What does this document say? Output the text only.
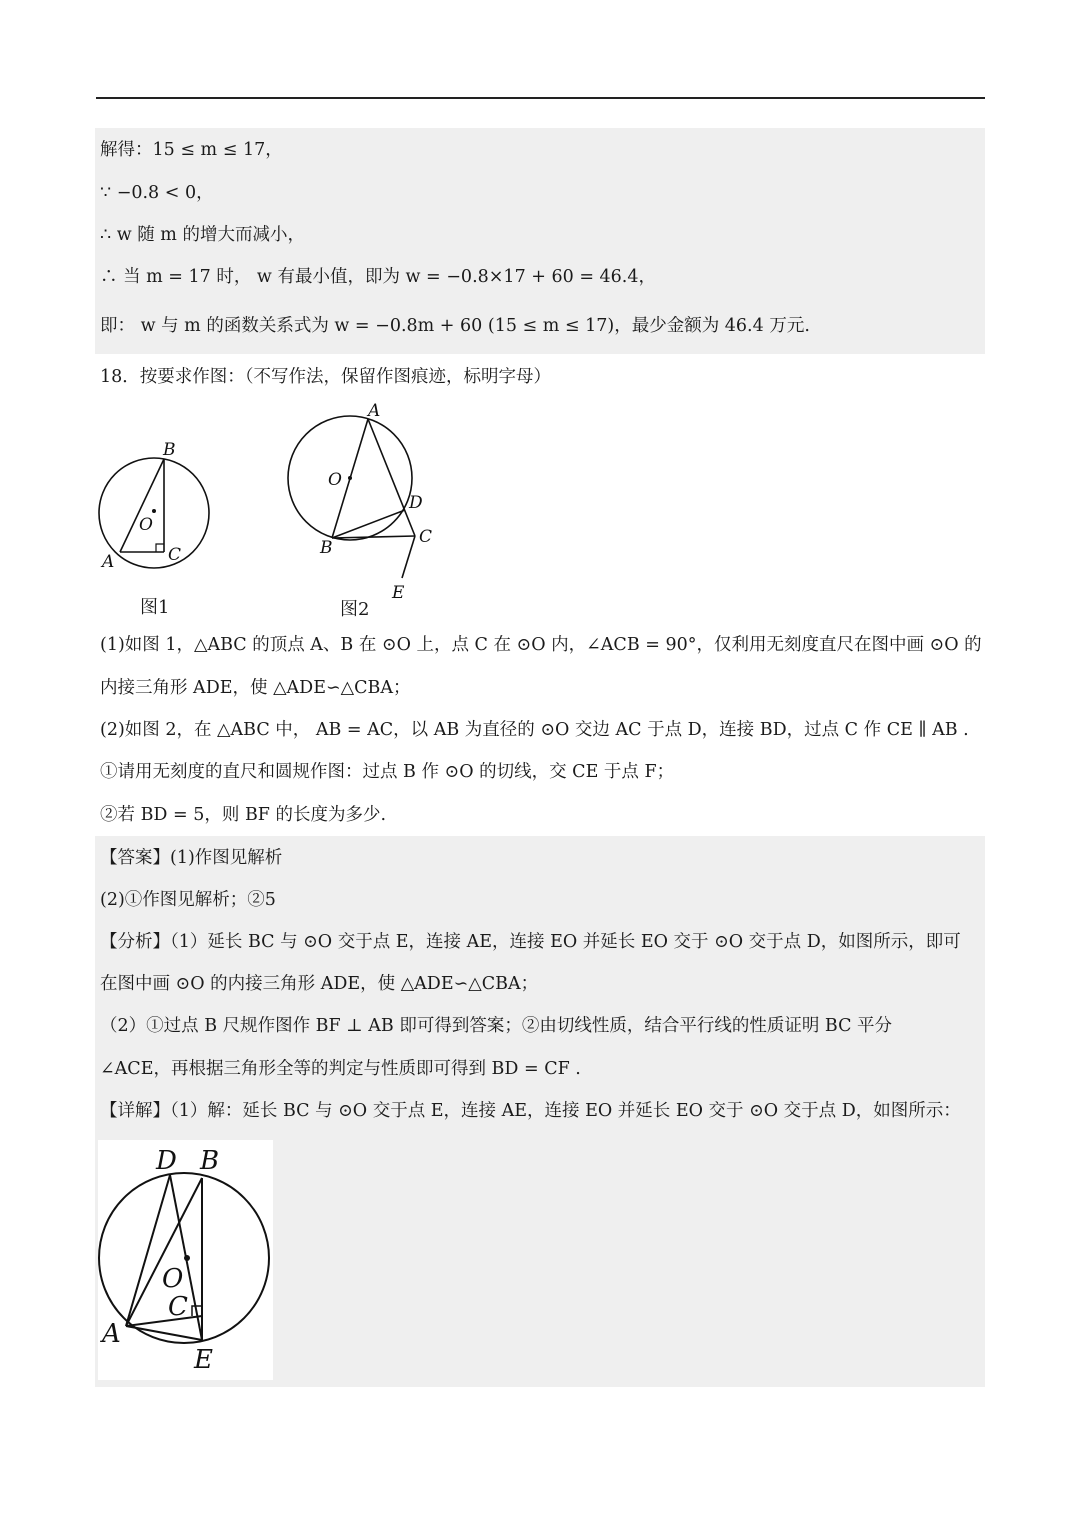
解得：15 ≤ m ≤ 17，
∵ −0.8 < 0，
∴ w 随 m 的增大而减小，
∴ 当 m = 17 时， w 有最小值，即为 w = −0.8×17 + 60 = 46.4，
即： w 与 m 的函数关系式为 w = −0.8m + 60 (15 ≤ m ≤ 17)，最少金额为 46.4 万元.
18．按要求作图：（不写作法，保留作图痕迹，标明字母）
B
O
C
A
图1
A
O
D
C
B
E
图2
(1)如图 1，△ABC 的顶点 A、B 在 ⊙O 上，点 C 在 ⊙O 内，∠ACB = 90°，仅利用无刻度直尺在图中画 ⊙O 的
内接三角形 ADE，使 △ADE∽△CBA；
(2)如图 2，在 △ABC 中， AB = AC，以 AB 为直径的 ⊙O 交边 AC 于点 D，连接 BD，过点 C 作 CE ∥ AB .
①请用无刻度的直尺和圆规作图：过点 B 作 ⊙O 的切线，交 CE 于点 F；
②若 BD = 5，则 BF 的长度为多少.
【答案】(1)作图见解析
(2)①作图见解析；②5
【分析】（1）延长 BC 与 ⊙O 交于点 E，连接 AE，连接 EO 并延长 EO 交于 ⊙O 交于点 D，如图所示，即可
在图中画 ⊙O 的内接三角形 ADE，使 △ADE∽△CBA；
（2）①过点 B 尺规作图作 BF ⊥ AB 即可得到答案；②由切线性质，结合平行线的性质证明 BC 平分
∠ACE，再根据三角形全等的判定与性质即可得到 BD = CF .
【详解】（1）解：延长 BC 与 ⊙O 交于点 E，连接 AE，连接 EO 并延长 EO 交于 ⊙O 交于点 D，如图所示：
D B
O
C
A
E
